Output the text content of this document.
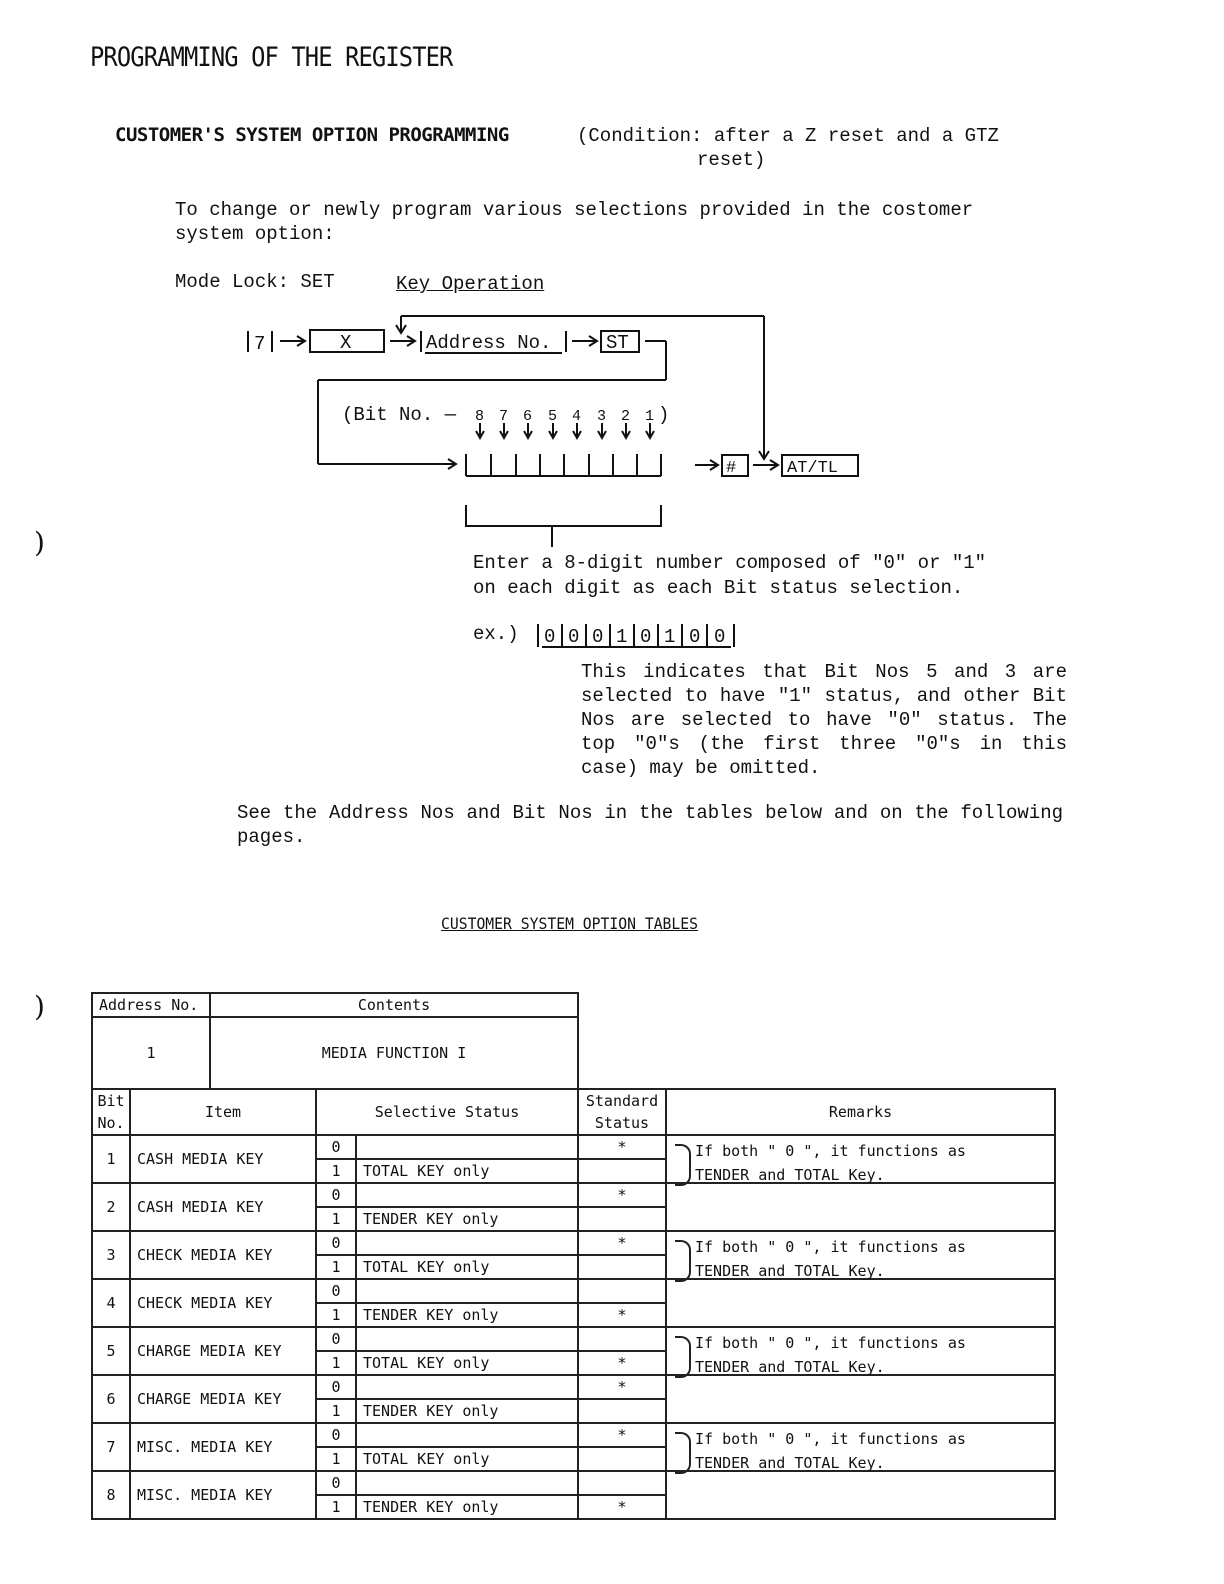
PROGRAMMING OF THE REGISTER
CUSTOMER'S SYSTEM OPTION PROGRAMMING	(Condition: after a Z reset and a GTZ
reset)
To change or newly program various selections provided in the costomer
system option:
Mode Lock: SET	Key Operation
7	X	Address No.	ST
(Bit No. —	)
#	AT/TL
8 7 6 5 4 3 2 1
0 0 0 1 0 1 0 0
Enter a 8-digit number composed of "0" or "1"
on each digit as each Bit status selection.
ex.)
This indicates that Bit Nos 5 and 3 are selected to have "1" status, and other Bit Nos are selected to have "0" status. The top "0"s (the first three "0"s in this case) may be omitted.
See the Address Nos and Bit Nos in the tables below and on the following pages.
CUSTOMER SYSTEM OPTION TABLES
)
)	Address No.	Contents
1	MEDIA FUNCTION I
Bit
No.	Item	Selective Status		Standard
Status	Remarks
1	CASH MEDIA KEY	0		*	If both " 0 ", it functions as
TENDER and TOTAL Key.

		1	TOTAL KEY only		
2	CASH MEDIA KEY	0		*	
		1	TENDER KEY only		
3	CHECK MEDIA KEY	0		*	If both " 0 ", it functions as
TENDER and TOTAL Key.

		1	TOTAL KEY only		
4	CHECK MEDIA KEY	0			
		1	TENDER KEY only	*	
5	CHARGE MEDIA KEY	0			If both " 0 ", it functions as
TENDER and TOTAL Key.

		1	TOTAL KEY only	*	
6	CHARGE MEDIA KEY	0		*	
		1	TENDER KEY only		
7	MISC. MEDIA KEY	0		*	If both " 0 ", it functions as
TENDER and TOTAL Key.

		1	TOTAL KEY only		
8	MISC. MEDIA KEY	0			
		1	TENDER KEY only	*	
